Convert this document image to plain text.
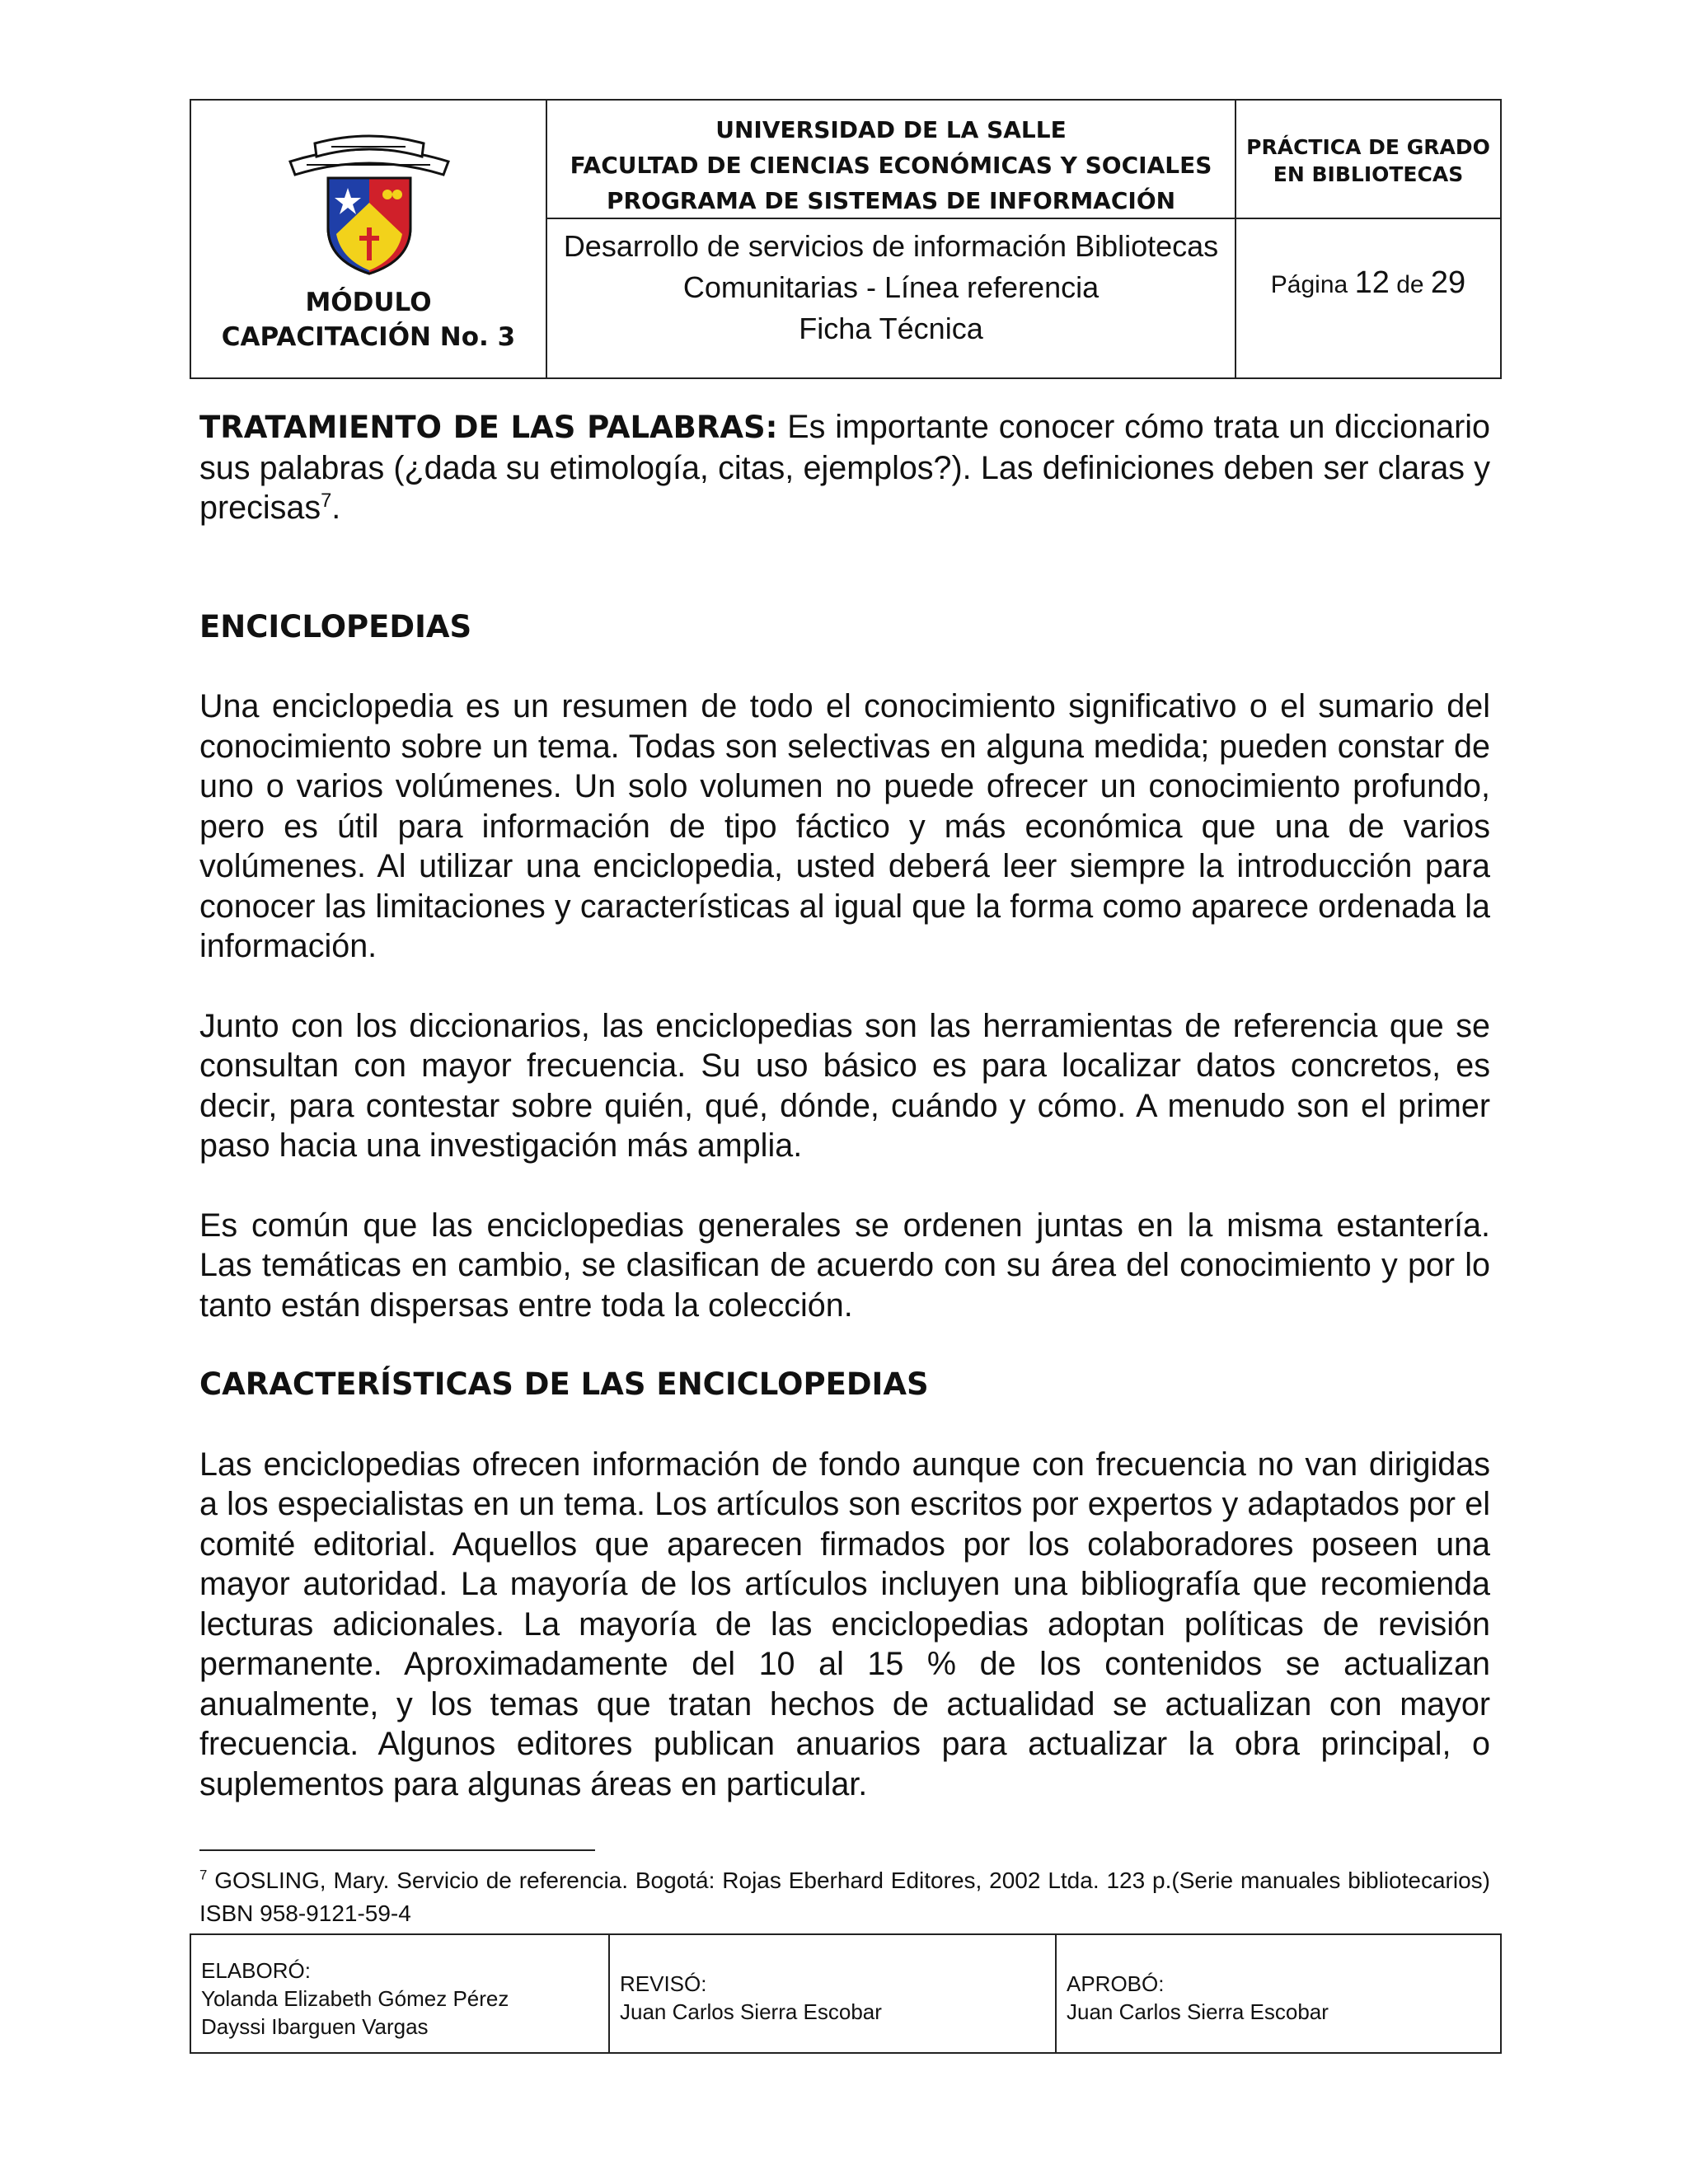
MÓDULO
CAPACITACIÓN No. 3
UNIVERSIDAD DE LA SALLE
FACULTAD DE CIENCIAS ECONÓMICAS Y SOCIALES
PROGRAMA DE SISTEMAS DE INFORMACIÓN
Desarrollo de servicios de información Bibliotecas
Comunitarias - Línea referencia
Ficha Técnica
PRÁCTICA DE GRADO
EN BIBLIOTECAS
Página 12 de 29

TRATAMIENTO DE LAS PALABRAS: Es importante conocer cómo trata un diccionario sus palabras (¿dada su etimología, citas, ejemplos?). Las definiciones deben ser claras y precisas$^7$.

ENCICLOPEDIAS

Una enciclopedia es un resumen de todo el conocimiento significativo o el sumario del conocimiento sobre un tema. Todas son selectivas en alguna medida; pueden constar de uno o varios volúmenes. Un solo volumen no puede ofrecer un conocimiento profundo, pero es útil para información de tipo fáctico y más económica que una de varios volúmenes. Al utilizar una enciclopedia, usted deberá leer siempre la introducción para conocer las limitaciones y características al igual que la forma como aparece ordenada la información.

Junto con los diccionarios, las enciclopedias son las herramientas de referencia que se consultan con mayor frecuencia. Su uso básico es para localizar datos concretos, es decir, para contestar sobre quién, qué, dónde, cuándo y cómo. A menudo son el primer paso hacia una investigación más amplia.

Es común que las enciclopedias generales se ordenen juntas en la misma estantería. Las temáticas en cambio, se clasifican de acuerdo con su área del conocimiento y por lo tanto están dispersas entre toda la colección.

CARACTERÍSTICAS DE LAS ENCICLOPEDIAS

Las enciclopedias ofrecen información de fondo aunque con frecuencia no van dirigidas a los especialistas en un tema. Los artículos son escritos por expertos y adaptados por el comité editorial. Aquellos que aparecen firmados por los colaboradores poseen una mayor autoridad. La mayoría de los artículos incluyen una bibliografía que recomienda lecturas adicionales. La mayoría de las enciclopedias adoptan políticas de revisión permanente. Aproximadamente del 10 al 15 % de los contenidos se actualizan anualmente, y los temas que tratan hechos de actualidad se actualizan con mayor frecuencia. Algunos editores publican anuarios para actualizar la obra principal, o suplementos para algunas áreas en particular.

$^7$ GOSLING, Mary. Servicio de referencia. Bogotá: Rojas Eberhard Editores, 2002 Ltda. 123 p.(Serie manuales bibliotecarios) ISBN 958-9121-59-4
ELABORÓ:
Yolanda Elizabeth Gómez Pérez
Dayssi Ibarguen Vargas
REVISÓ:
Juan Carlos Sierra Escobar
APROBÓ:
Juan Carlos Sierra Escobar
